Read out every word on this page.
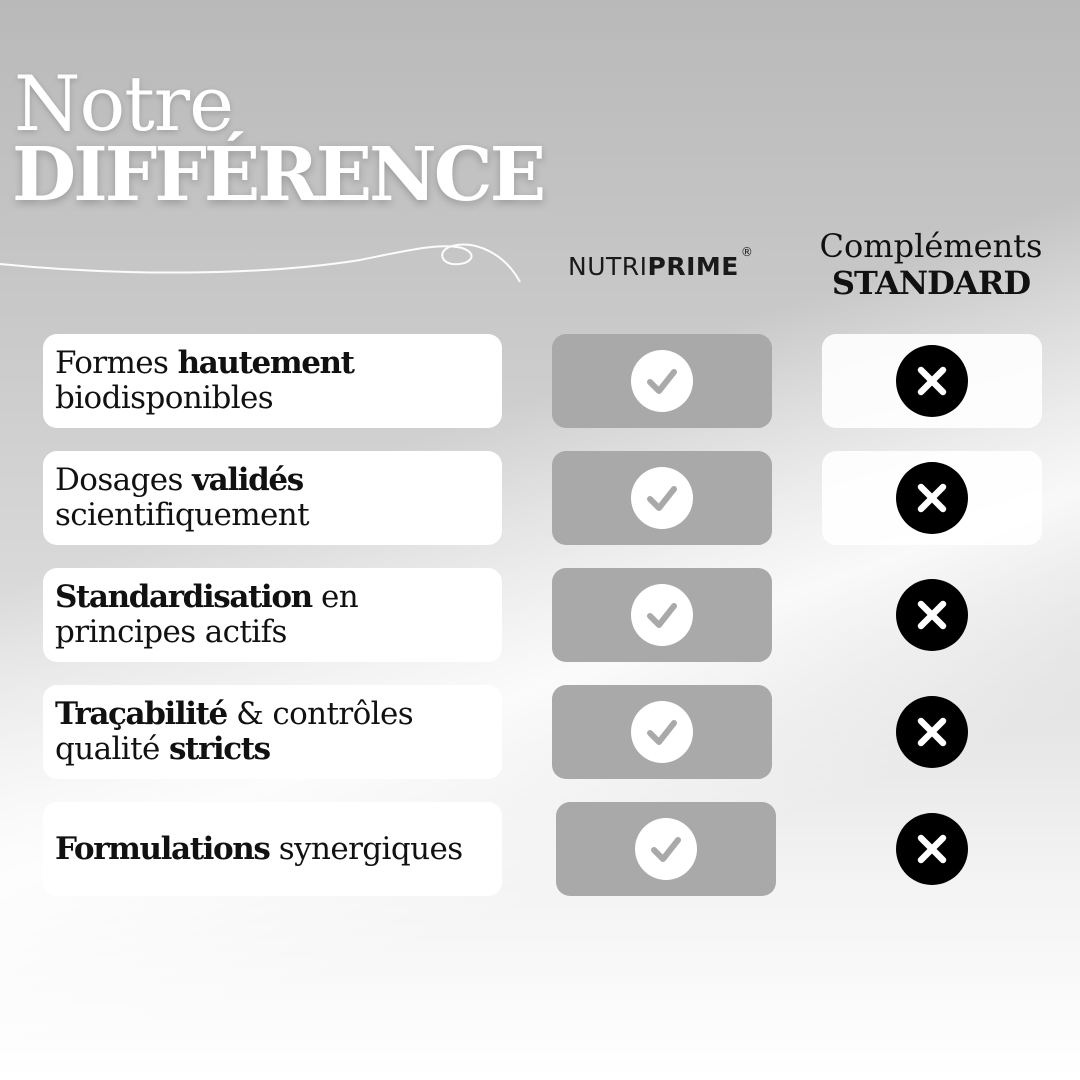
Notre
DIFFÉRENCE
NUTRIPRIME®	Compléments
STANDARD
Formes hautement
biodisponibles
Dosages validés
scientifiquement
Standardisation en
principes actifs
Traçabilité & contrôles
qualité stricts
Formulations synergiques
